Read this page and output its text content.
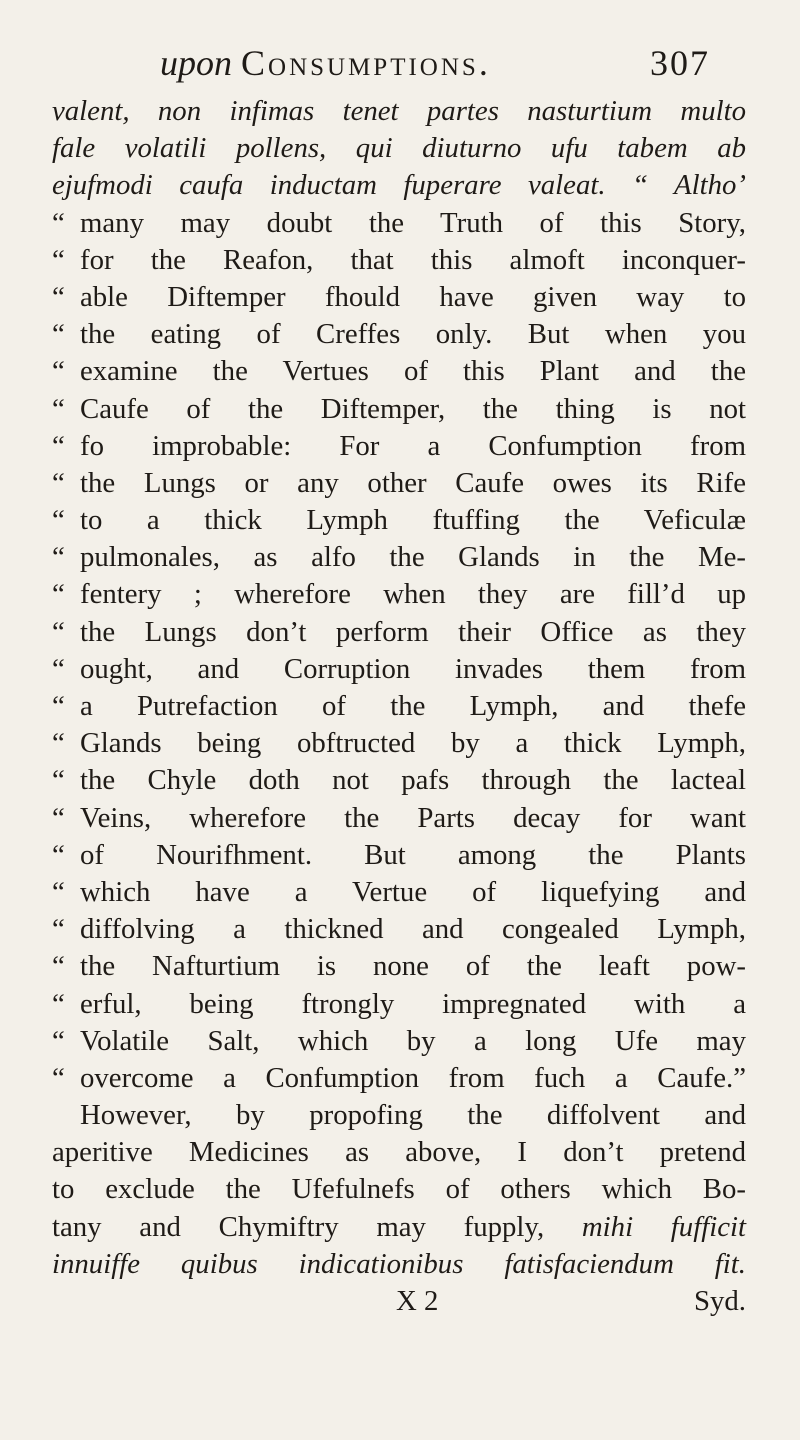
upon Consumptions.	307
valent, non infimas tenet partes nasturtium multo
fale volatili pollens, qui diuturno ufu tabem ab
ejufmodi caufa inductam fuperare valeat. “ Altho’
“ many may doubt the Truth of this Story,
“ for the Reafon, that this almoft inconquer-
“ able Diftemper fhould have given way to
“ the eating of Creffes only. But when you
“ examine the Vertues of this Plant and the
“ Caufe of the Diftemper, the thing is not
“ fo improbable: For a Confumption from
“ the Lungs or any other Caufe owes its Rife
“ to a thick Lymph ftuffing the Veficulæ
“ pulmonales, as alfo the Glands in the Me-
“ fentery ; wherefore when they are fill’d up
“ the Lungs don’t perform their Office as they
“ ought, and Corruption invades them from
“ a Putrefaction of the Lymph, and thefe
“ Glands being obftructed by a thick Lymph,
“ the Chyle doth not pafs through the lacteal
“ Veins, wherefore the Parts decay for want
“ of Nourifhment. But among the Plants
“ which have a Vertue of liquefying and
“ diffolving a thickned and congealed Lymph,
“ the Nafturtium is none of the leaft pow-
“ erful, being ftrongly impregnated with a
“ Volatile Salt, which by a long Ufe may
“ overcome a Confumption from fuch a Caufe.”
However, by propofing the diffolvent and
aperitive Medicines as above, I don’t pretend
to exclude the Ufefulnefs of others which Bo-
tany and Chymiftry may fupply, mihi fufficit
innuiffe quibus indicationibus fatisfaciendum fit.
X 2	Syd.
